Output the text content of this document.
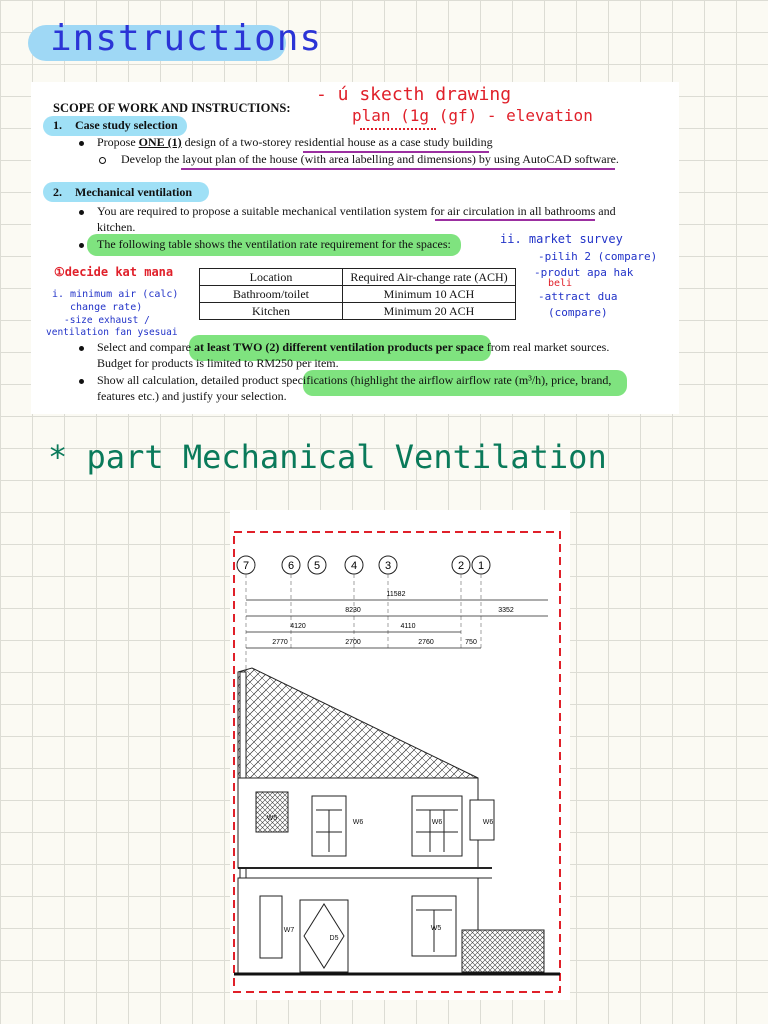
instructions
SCOPE OF WORK AND INSTRUCTIONS:
1. Case study selection
Propose ONE (1) design of a two-storey residential house as a case study building
Develop the layout plan of the house (with area labelling and dimensions) by using AutoCAD software.
2. Mechanical ventilation
You are required to propose a suitable mechanical ventilation system for air circulation in all bathrooms and
kitchen.
The following table shows the ventilation rate requirement for the spaces:
Location	Required Air-change rate (ACH)
Bathroom/toilet	Minimum 10 ACH
Kitchen	Minimum 20 ACH
Select and compare at least TWO (2) different ventilation products per space from real market sources.
Budget for products is limited to RM250 per item.
Show all calculation, detailed product specifications (highlight the airflow airflow rate (m³/h), price, brand,
features etc.) and justify your selection.
- ú skecth drawing
plan (1g (gf) - elevation
①decide kat mana
i. minimum air (calc)
change rate)
-size exhaust /
ventilation fan ysesuai
ii. market survey
-pilih 2 (compare)
-produt apa hak
beli
-attract dua
(compare)
* part Mechanical Ventilation
7	6 5	4	3	2 1
11582
8230	3352
4120	4110
2770	2700	2760	750
W5
W6	W6	W6
W7
D5
W5
